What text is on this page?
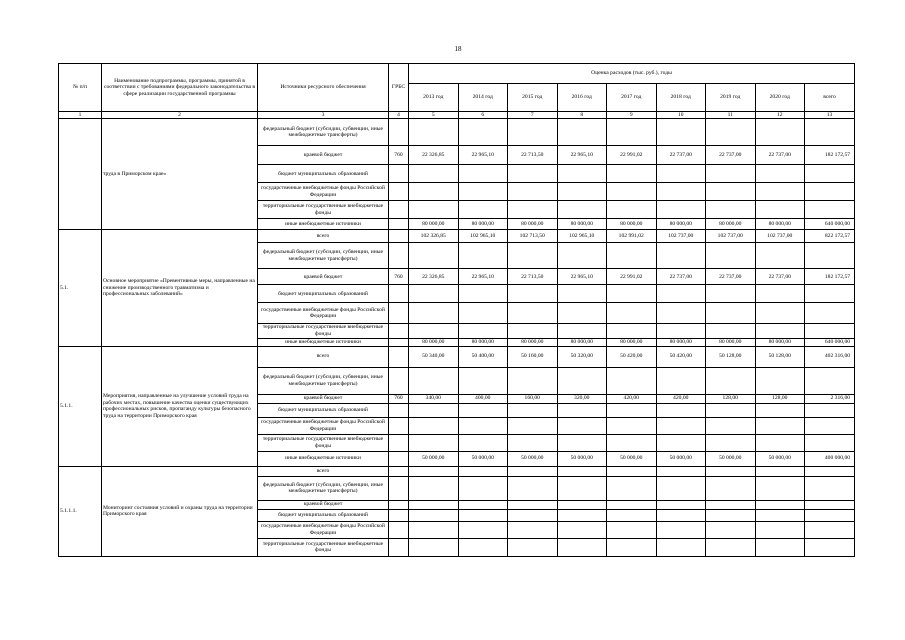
18
№ п/п	Наименование подпрограммы, программы, принятой в соответствии с требованиями федерального законодательства в сфере реализации государственной программы	Источники ресурсного обеспечения	ГРБС	Оценка расходов (тыс. руб.), годы								
				2013 год	2014 год	2015 год	2016 год	2017 год	2018 год	2019 год	2020 год	всего
1	2	3	4	5	6	7	8	9	10	11	12	13
	труда в Приморском крае»	федеральный бюджет (субсидии, субвенции, иные межбюджетные трансферты)										
		краевой бюджет	760	22 326,85	22 965,10	22 713,50	22 965,10	22 991,02	22 737,00	22 737,00	22 737,00	182 172,57
		бюджет муниципальных образований										
		государственные внебюджетные фонды Российской Федерации										
		территориальные государственные внебюджетные фонды										
		иные внебюджетные источники		80 000,00	80 000,00	80 000,00	80 000,00	80 000,00	80 000,00	80 000,00	80 000,00	640 000,00
5.1.	Основное мероприятие «Превентивные меры, направленные на снижение производственного травматизма и профессиональных заболеваний»	всего		102 326,85	102 965,10	102 713,50	102 965,10	102 991,02	102 737,00	102 737,00	102 737,00	822 172,57
		федеральный бюджет (субсидии, субвенции, иные межбюджетные трансферты)										
		краевой бюджет	760	22 326,85	22 965,10	22 713,50	22 965,10	22 991,02	22 737,00	22 737,00	22 737,00	182 172,57
		бюджет муниципальных образований										
		государственные внебюджетные фонды Российской Федерации										
		территориальные государственные внебюджетные фонды										
		иные внебюджетные источники		80 000,00	80 000,00	80 000,00	80 000,00	80 000,00	80 000,00	80 000,00	80 000,00	640 000,00
5.1.1.	Мероприятия, направленные на улучшение условий труда на рабочих местах, повышение качества оценки существующих профессиональных рисков, пропаганду культуры безопасного труда на территории Приморского края	всего		50 340,00	50 400,00	50 160,00	50 320,00	50 420,00	50 420,00	50 128,00	50 128,00	402 316,00
		федеральный бюджет (субсидии, субвенции, иные межбюджетные трансферты)										
		краевой бюджет	760	340,00	400,00	160,00	320,00	420,00	420,00	128,00	128,00	2 316,00
		бюджет муниципальных образований										
		государственные внебюджетные фонды Российской Федерации										
		территориальные государственные внебюджетные фонды										
		иные внебюджетные источники		50 000,00	50 000,00	50 000,00	50 000,00	50 000,00	50 000,00	50 000,00	50 000,00	400 000,00
5.1.1.1.	Мониторинг состояния условий и охраны труда на территории Приморского края	всего										
		федеральный бюджет (субсидии, субвенции, иные межбюджетные трансферты)										
		краевой бюджет										
		бюджет муниципальных образований										
		государственные внебюджетные фонды Российской Федерации										
		территориальные государственные внебюджетные фонды										
